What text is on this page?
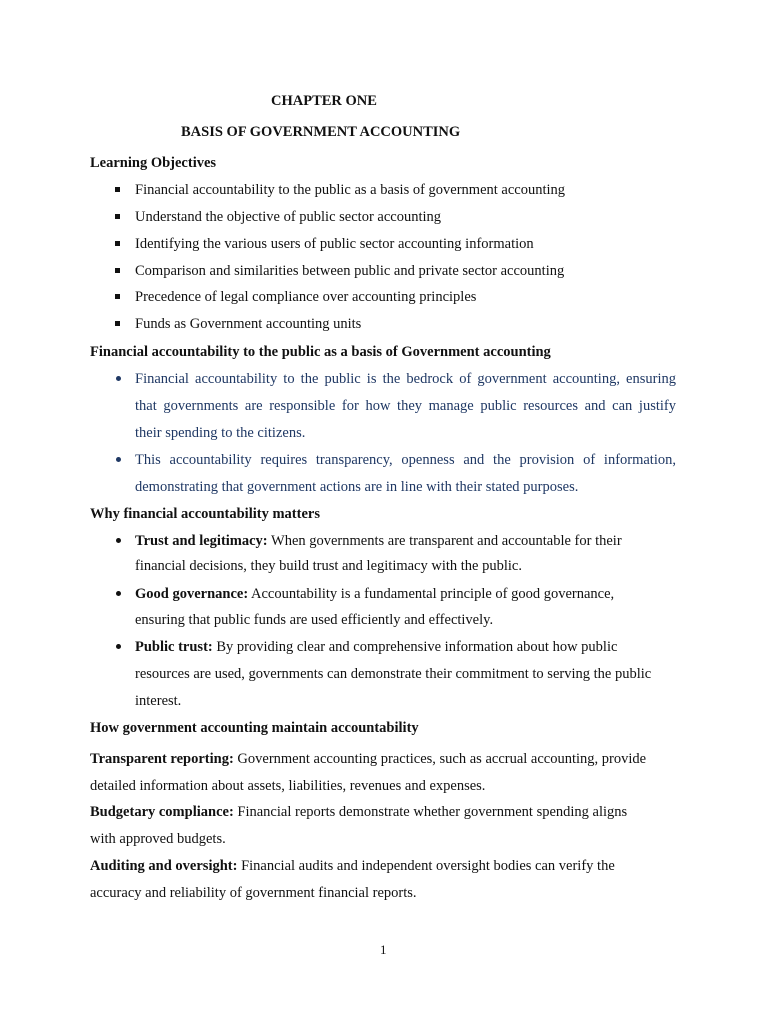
CHAPTER ONE
BASIS OF GOVERNMENT ACCOUNTING
Learning Objectives
Financial accountability to the public as a basis of government accounting
Understand the objective of public sector accounting
Identifying the various users of public sector accounting information
Comparison and similarities between public and private sector accounting
Precedence of legal compliance over accounting principles
Funds as Government accounting units
Financial accountability to the public as a basis of Government accounting
Financial accountability to the public is the bedrock of government accounting, ensuring
that governments are responsible for how they manage public resources and can justify
their spending to the citizens.
This accountability requires transparency, openness and the provision of information,
demonstrating that government actions are in line with their stated purposes.
Why financial accountability matters
Trust and legitimacy: When governments are transparent and accountable for their
financial decisions, they build trust and legitimacy with the public.
Good governance: Accountability is a fundamental principle of good governance,
ensuring that public funds are used efficiently and effectively.
Public trust: By providing clear and comprehensive information about how public
resources are used, governments can demonstrate their commitment to serving the public
interest.
How government accounting maintain accountability
Transparent reporting: Government accounting practices, such as accrual accounting, provide
detailed information about assets, liabilities, revenues and expenses.
Budgetary compliance: Financial reports demonstrate whether government spending aligns
with approved budgets.
Auditing and oversight: Financial audits and independent oversight bodies can verify the
accuracy and reliability of government financial reports.
1
